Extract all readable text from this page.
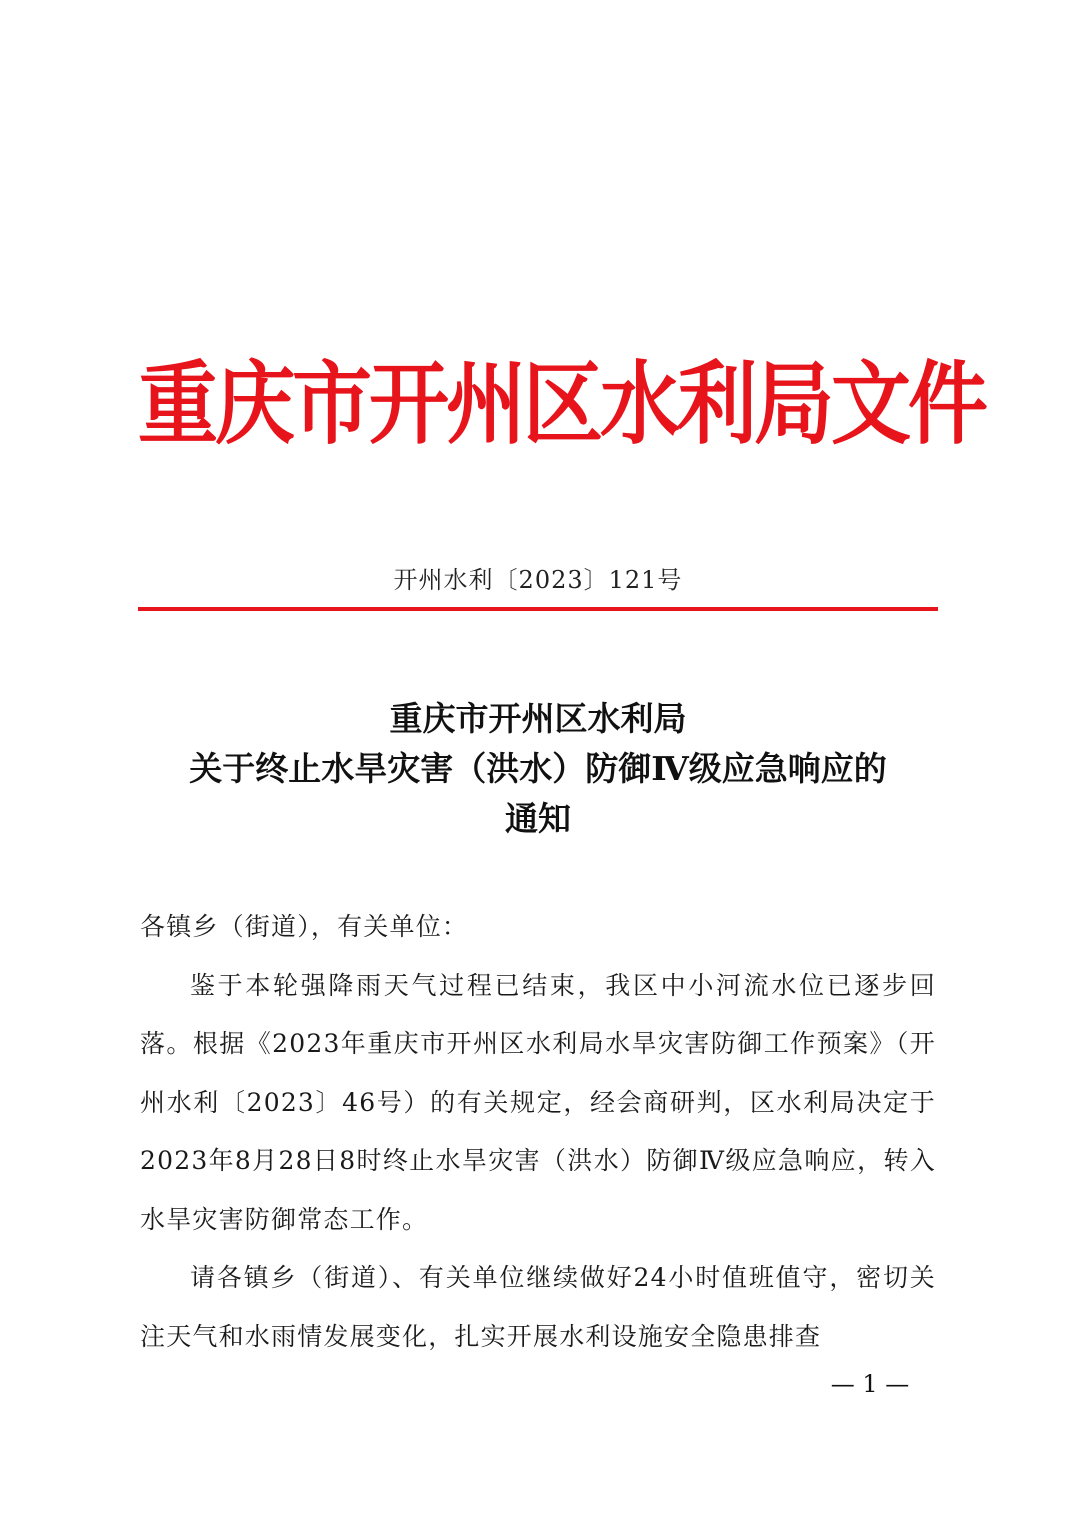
重庆市开州区水利局文件
开州水利〔2023〕121号
重庆市开州区水利局
关于终止水旱灾害（洪水）防御Ⅳ级应急响应的
通知

各镇乡（街道），有关单位：

鉴于本轮强降雨天气过程已结束，我区中小河流水位已逐步回落。根据《2023年重庆市开州区水利局水旱灾害防御工作预案》（开州水利〔2023〕46号）的有关规定，经会商研判，区水利局决定于2023年8月28日8时终止水旱灾害（洪水）防御Ⅳ级应急响应，转入水旱灾害防御常态工作。

请各镇乡（街道）、有关单位继续做好24小时值班值守，密切关注天气和水雨情发展变化，扎实开展水利设施安全隐患排查

— 1 —
